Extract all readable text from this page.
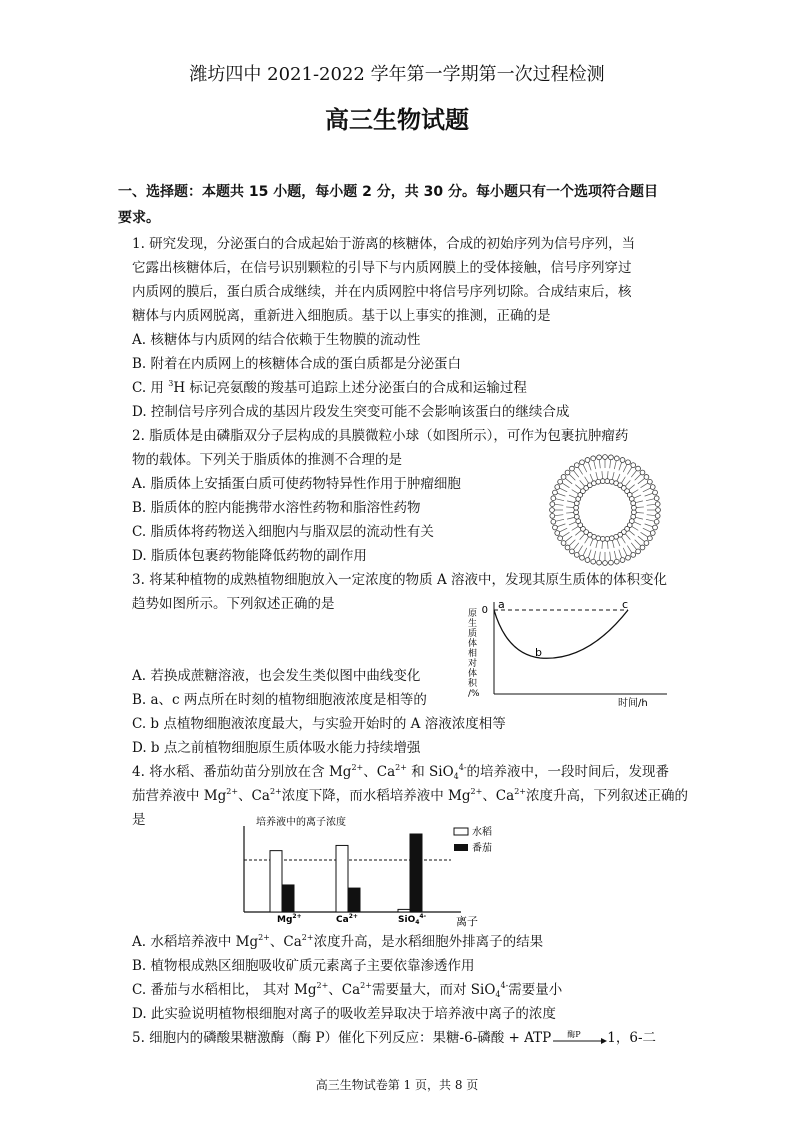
潍坊四中 2021-2022 学年第一学期第一次过程检测
高三生物试题
一、选择题：本题共 15 小题，每小题 2 分，共 30 分。每小题只有一个选项符合题目
要求。
1. 研究发现，分泌蛋白的合成起始于游离的核糖体，合成的初始序列为信号序列，当
它露出核糖体后，在信号识别颗粒的引导下与内质网膜上的受体接触，信号序列穿过
内质网的膜后，蛋白质合成继续，并在内质网腔中将信号序列切除。合成结束后，核
糖体与内质网脱离，重新进入细胞质。基于以上事实的推测，正确的是
A. 核糖体与内质网的结合依赖于生物膜的流动性
B. 附着在内质网上的核糖体合成的蛋白质都是分泌蛋白
C. 用 $^3$H 标记亮氨酸的羧基可追踪上述分泌蛋白的合成和运输过程
D. 控制信号序列合成的基因片段发生突变可能不会影响该蛋白的继续合成
2. 脂质体是由磷脂双分子层构成的具膜微粒小球（如图所示），可作为包裹抗肿瘤药
物的载体。下列关于脂质体的推测不合理的是
A. 脂质体上安插蛋白质可使药物特异性作用于肿瘤细胞
B. 脂质体的腔内能携带水溶性药物和脂溶性药物
C. 脂质体将药物送入细胞内与脂双层的流动性有关
D. 脂质体包裹药物能降低药物的副作用
3. 将某种植物的成熟植物细胞放入一定浓度的物质 A 溶液中，发现其原生质体的体积变化
趋势如图所示。下列叙述正确的是
原
生
质
体
相
对
体
积
/%
0 a
b
c
时间/h
A. 若换成蔗糖溶液，也会发生类似图中曲线变化
B. a、c 两点所在时刻的植物细胞液浓度是相等的
C. b 点植物细胞液浓度最大，与实验开始时的 A 溶液浓度相等
D. b 点之前植物细胞原生质体吸水能力持续增强
4. 将水稻、番茄幼苗分别放在含 $Mg^{2+}$、$Ca^{2+}$ 和 SiO$_4^{4-}$的培养液中，一段时间后，发现番
茄营养液中 $Mg^{2+}$、$Ca^{2+}$浓度下降，而水稻培养液中 $Mg^{2+}$、$Ca^{2+}$浓度升高，下列叙述正确的
是	培养液中的离子浓度
$Mg^{2+}$	$Ca^{2+}$	SiO$_4^{4-}$	离子
水稻
番茄
A. 水稻培养液中 $Mg^{2+}$、$Ca^{2+}$浓度升高，是水稻细胞外排离子的结果
B. 植物根成熟区细胞吸收矿质元素离子主要依靠渗透作用
C. 番茄与水稻相比， 其对 $Mg^{2+}$、$Ca^{2+}$需要量大，而对 SiO$_4^{4-}$需要量小
D. 此实验说明植物根细胞对离子的吸收差异取决于培养液中离子的浓度
5. 细胞内的磷酸果糖激酶（酶 P）催化下列反应：果糖-6-磷酸 + ATP 酶P 1，6-二
高三生物试卷第 1 页，共 8 页
